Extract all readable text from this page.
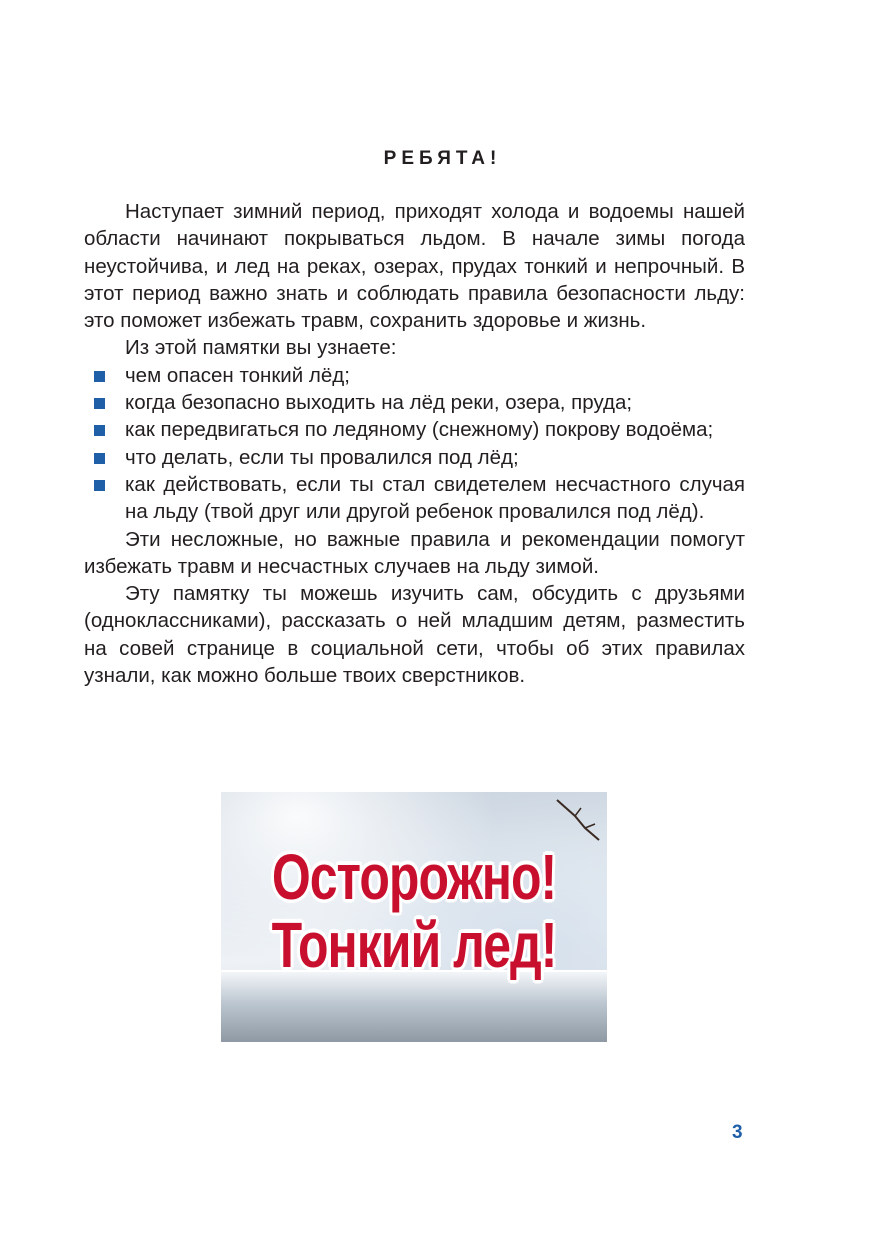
РЕБЯТА!

Наступает зимний период, приходят холода и водоемы нашей области начинают покрываться льдом. В начале зимы погода неустойчива, и лед на реках, озерах, прудах тонкий и непрочный. В этот период важно знать и соблюдать правила безопасности льду: это поможет избежать травм, сохранить здоровье и жизнь.

Из этой памятки вы узнаете:

чем опасен тонкий лёд;
когда безопасно выходить на лёд реки, озера, пруда;
как передвигаться по ледяному (снежному) покрову водоёма;
что делать, если ты провалился под лёд;
как действовать, если ты стал свидетелем несчастного случая на льду (твой друг или другой ребенок провалился под лёд).

Эти несложные, но важные правила и рекомендации помогут избежать травм и несчастных случаев на льду зимой.

Эту памятку ты можешь изучить сам, обсудить с друзьями (одноклассниками), рассказать о ней младшим детям, разместить на совей странице в социальной сети, чтобы об этих правилах узнали, как можно больше твоих сверстников.

Осторожно!
Тонкий лед!
3
